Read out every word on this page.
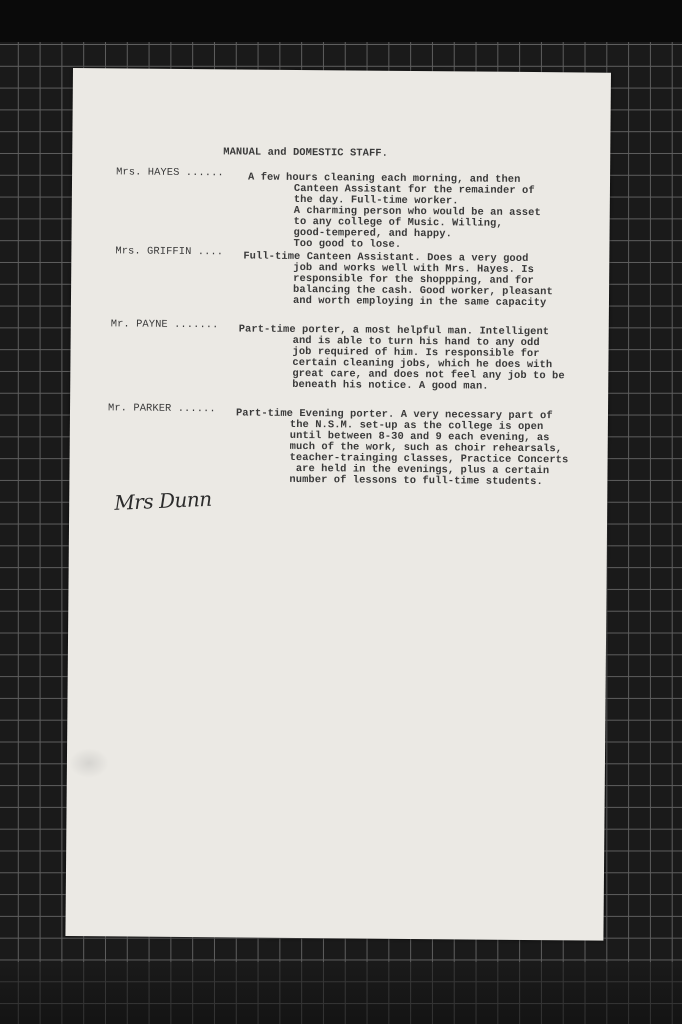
MANUAL and DOMESTIC STAFF.
Mrs. HAYES ...... A few hours cleaning each morning, and then
Canteen Assistant for the remainder of
the day. Full-time worker.
A charming person who would be an asset
to any college of Music. Willing,
good-tempered, and happy.
Too good to lose.
Mrs. GRIFFIN .... Full-time Canteen Assistant. Does a very good
job and works well with Mrs. Hayes. Is
responsible for the shoppping, and for
balancing the cash. Good worker, pleasant
and worth employing in the same capacity
Mr. PAYNE ....... Part-time porter, a most helpful man. Intelligent
and is able to turn his hand to any odd
job required of him. Is responsible for
certain cleaning jobs, which he does with
great care, and does not feel any job to be
beneath his notice. A good man.
Mr. PARKER ...... Part-time Evening porter. A very necessary part of
the N.S.M. set-up as the college is open
until between 8-30 and 9 each evening, as
much of the work, such as choir rehearsals,
teacher-trainging classes, Practice Concerts
are held in the evenings, plus a certain
number of lessons to full-time students.
Mrs Dunn
